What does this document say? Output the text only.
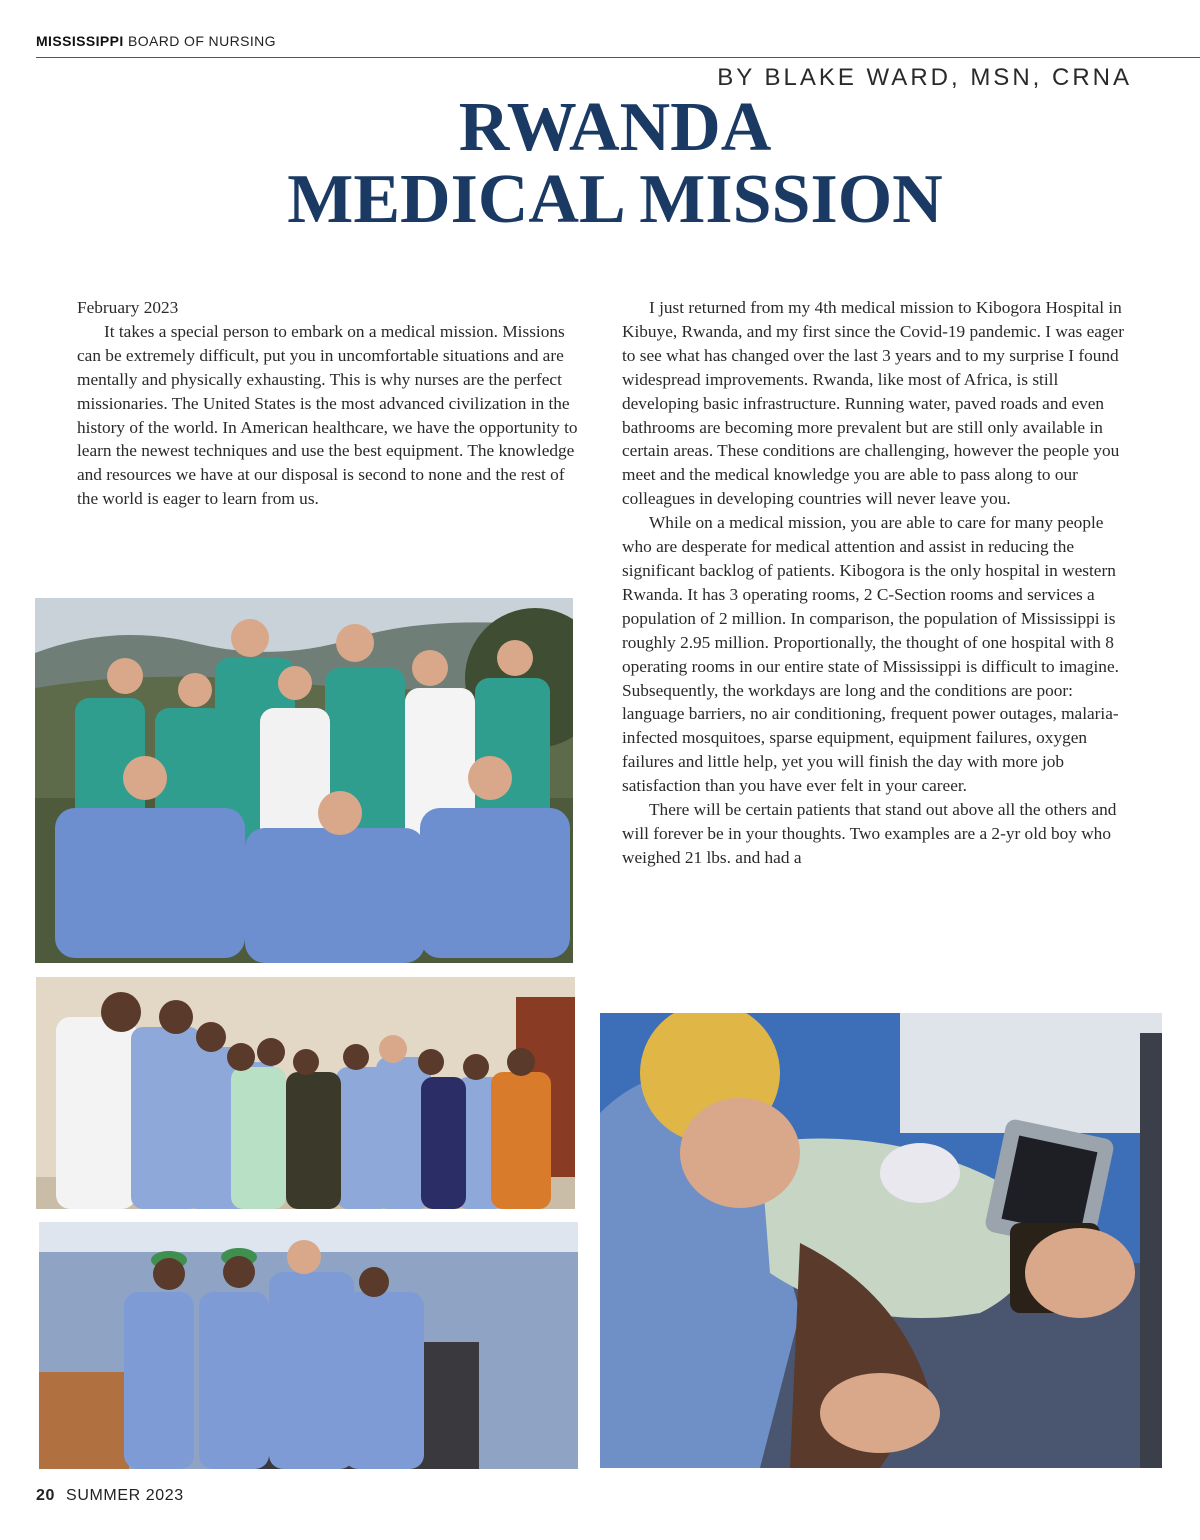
MISSISSIPPI BOARD OF NURSING
BY BLAKE WARD, MSN, CRNA
RWANDA
MEDICAL MISSION

February 2023

It takes a special person to embark on a medical mission. Missions can be extremely difficult, put you in uncomfortable situations and are mentally and physically exhausting. This is why nurses are the perfect missionaries. The United States is the most advanced civilization in the history of the world. In American healthcare, we have the opportunity to learn the newest techniques and use the best equipment. The knowledge and resources we have at our disposal is second to none and the rest of the world is eager to learn from us.

I just returned from my 4th medical mission to Kibogora Hospital in Kibuye, Rwanda, and my first since the Covid-19 pandemic. I was eager to see what has changed over the last 3 years and to my surprise I found widespread improvements. Rwanda, like most of Africa, is still developing basic infrastructure. Running water, paved roads and even bathrooms are becoming more prevalent but are still only available in certain areas. These conditions are challenging, however the people you meet and the medical knowledge you are able to pass along to our colleagues in developing countries will never leave you.

While on a medical mission, you are able to care for many people who are desperate for medical attention and assist in reducing the significant backlog of patients. Kibogora is the only hospital in western Rwanda. It has 3 operating rooms, 2 C-Section rooms and services a population of 2 million. In comparison, the population of Mississippi is roughly 2.95 million. Proportionally, the thought of one hospital with 8 operating rooms in our entire state of Mississippi is difficult to imagine. Subsequently, the workdays are long and the conditions are poor: language barriers, no air conditioning, frequent power outages, malaria-infected mosquitoes, sparse equipment, equipment failures, oxygen failures and little help, yet you will finish the day with more job satisfaction than you have ever felt in your career.

There will be certain patients that stand out above all the others and will forever be in your thoughts. Two examples are a 2-yr old boy who weighed 21 lbs. and had a

20 SUMMER 2023
